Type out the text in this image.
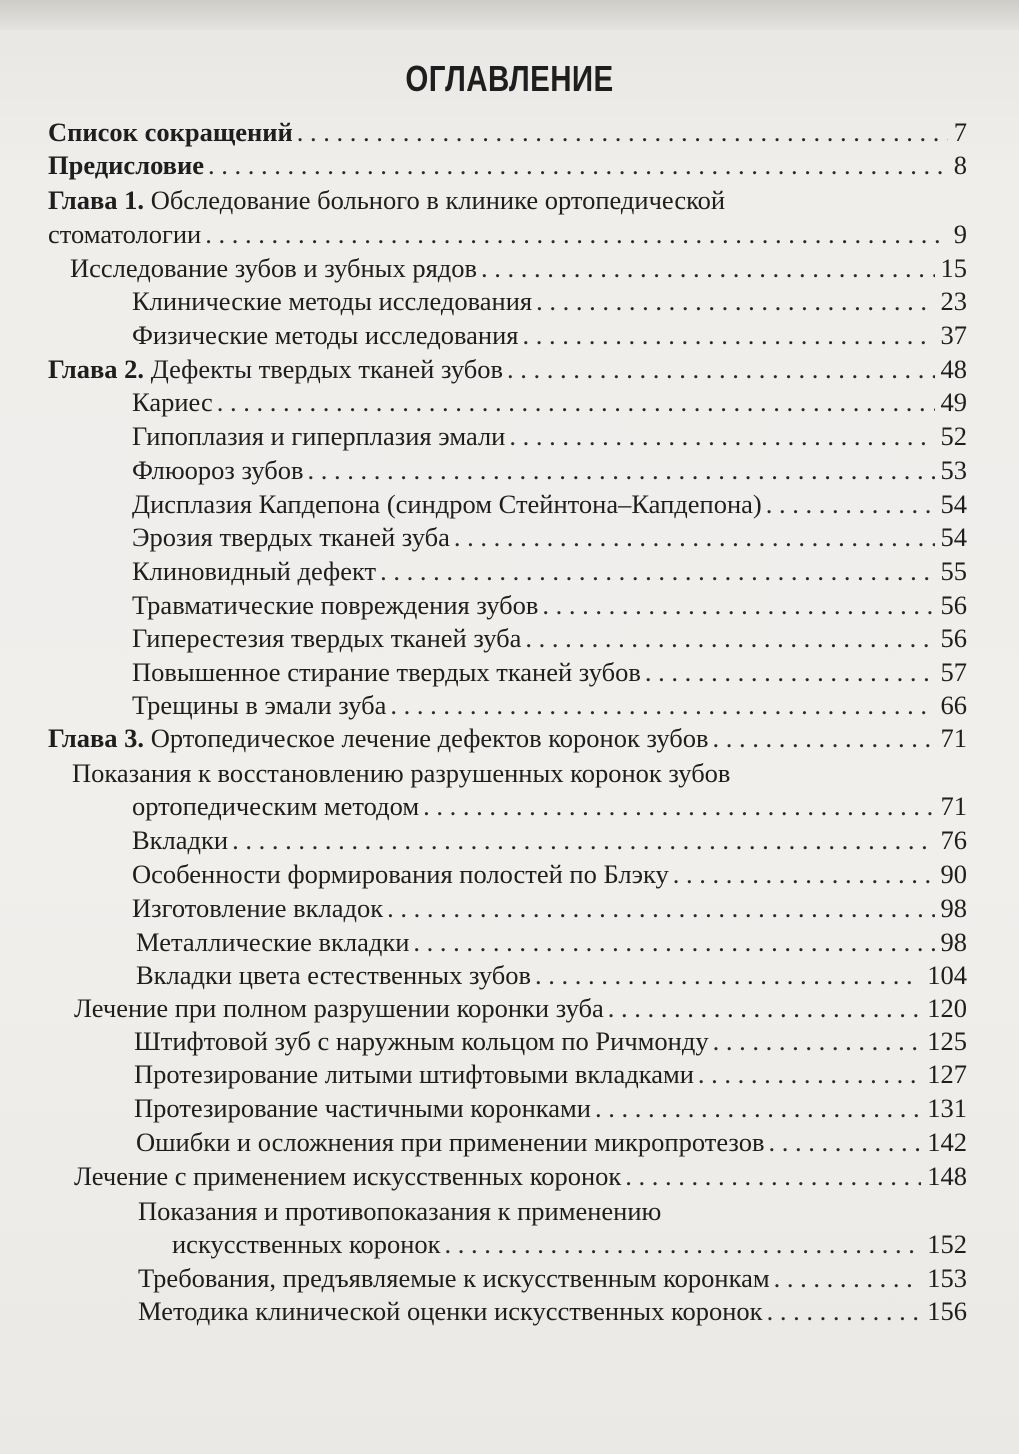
ОГЛАВЛЕНИЕ
Список сокращений . . .	7
Предисловие . . .	8
Глава 1. Обследование больного в клинике ортопедической
стоматологии . . .	9
Исследование зубов и зубных рядов . . .	15
Клинические методы исследования . . .	23
Физические методы исследования . . .	37
Глава 2. Дефекты твердых тканей зубов . . .	48
Кариес . . .	49
Гипоплазия и гиперплазия эмали . . .	52
Флюороз зубов . . .	53
Дисплазия Капдепона (синдром Стейнтона–Капдепона) . . .	54
Эрозия твердых тканей зуба . . .	54
Клиновидный дефект . . .	55
Травматические повреждения зубов . . .	56
Гиперестезия твердых тканей зуба . . .	56
Повышенное стирание твердых тканей зубов . . .	57
Трещины в эмали зуба . . .	66
Глава 3. Ортопедическое лечение дефектов коронок зубов . . .	71
Показания к восстановлению разрушенных коронок зубов
ортопедическим методом . . .	71
Вкладки . . .	76
Особенности формирования полостей по Блэку . . .	90
Изготовление вкладок . . .	98
Металлические вкладки . . .	98
Вкладки цвета естественных зубов . . .	104
Лечение при полном разрушении коронки зуба . . .	120
Штифтовой зуб с наружным кольцом по Ричмонду . . .	125
Протезирование литыми штифтовыми вкладками . . .	127
Протезирование частичными коронками . . .	131
Ошибки и осложнения при применении микропротезов . . .	142
Лечение с применением искусственных коронок . . .	148
Показания и противопоказания к применению
искусственных коронок . . .	152
Требования, предъявляемые к искусственным коронкам . . .	153
Методика клинической оценки искусственных коронок . . .	156
